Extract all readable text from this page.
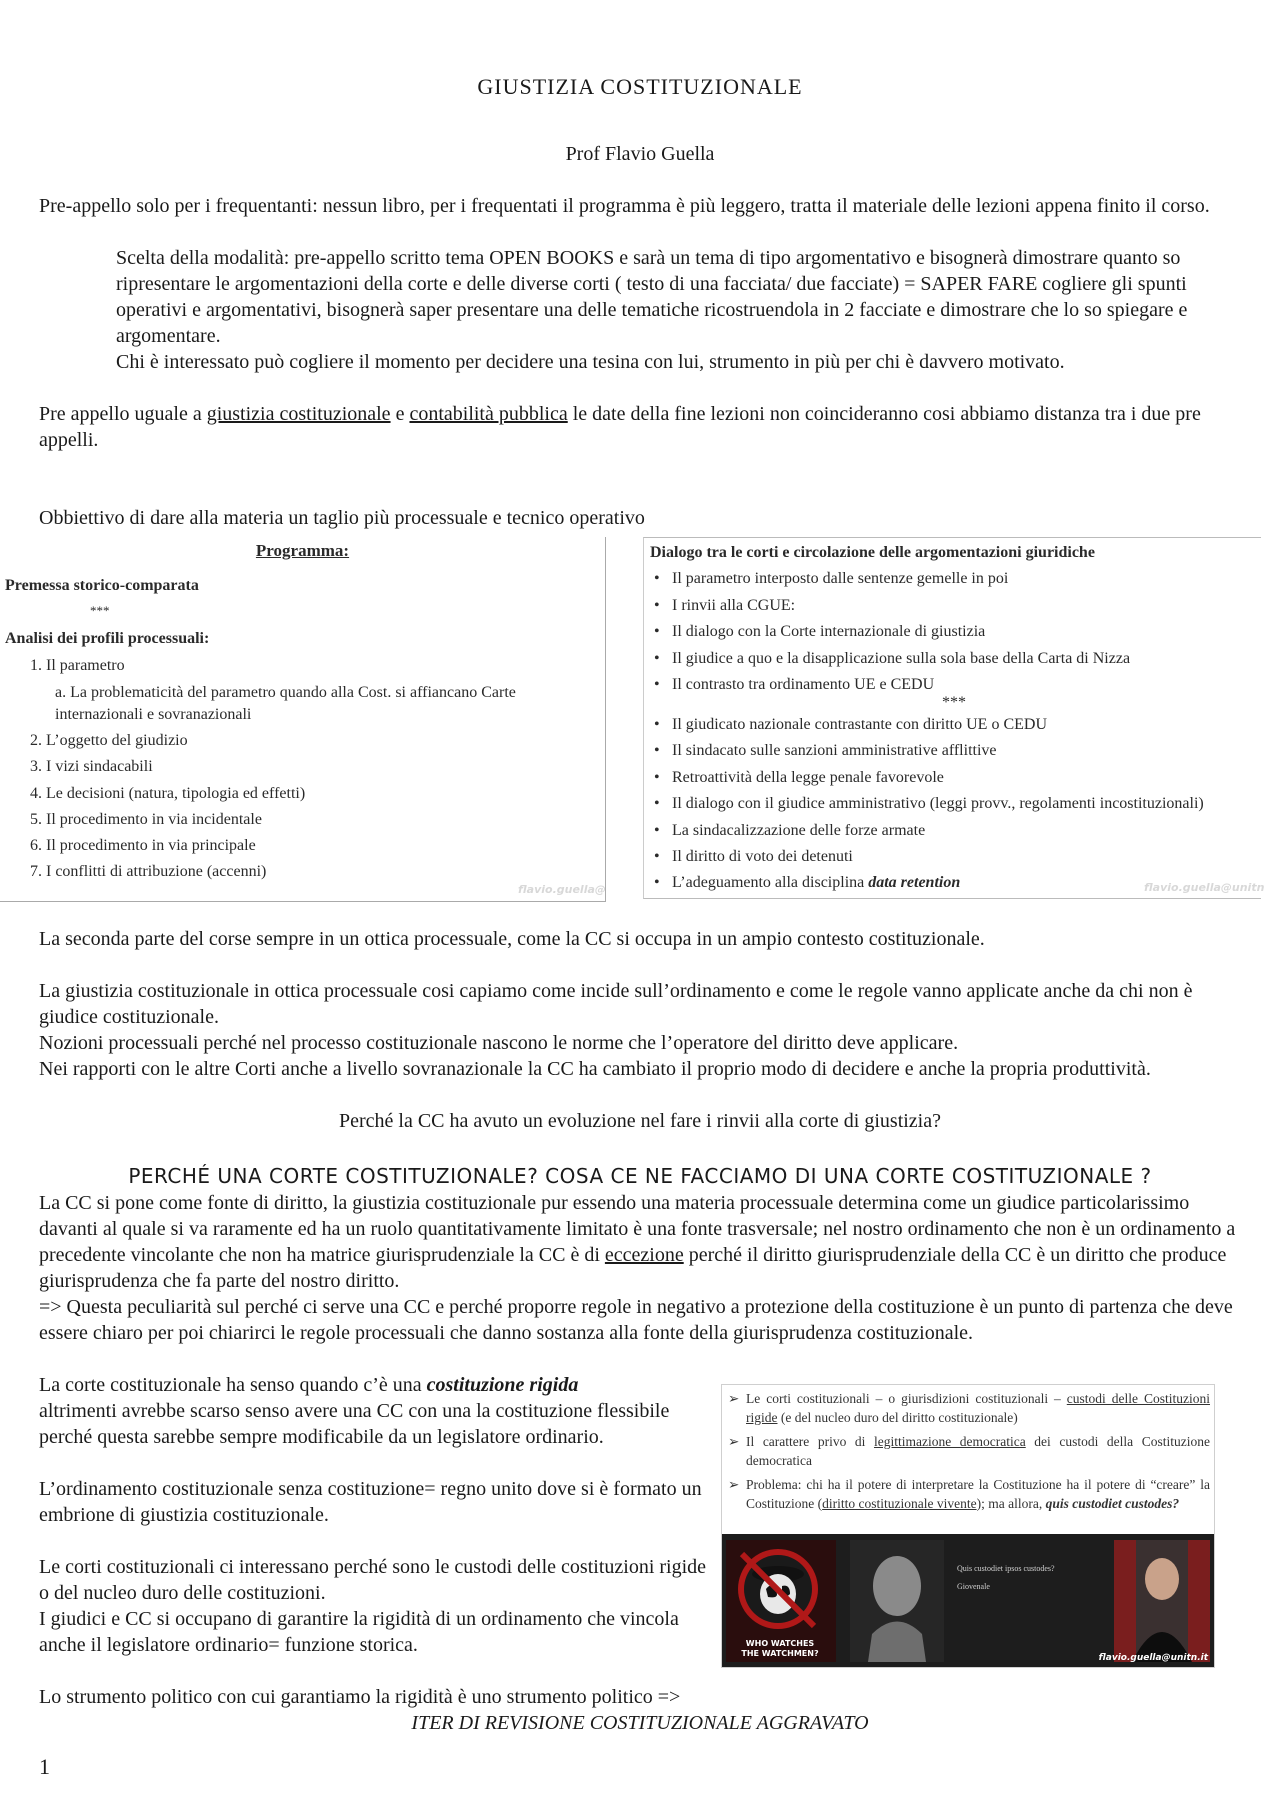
GIUSTIZIA COSTITUZIONALE
Prof Flavio Guella

Pre-appello solo per i frequentanti: nessun libro, per i frequentati il programma è più leggero, tratta il materiale delle lezioni appena finito il corso.

Scelta della modalità: pre-appello scritto tema OPEN BOOKS e sarà un tema di tipo argomentativo e bisognerà dimostrare quanto so ripresentare le argomentazioni della corte e delle diverse corti ( testo di una facciata/ due facciate) = SAPER FARE cogliere gli spunti operativi e argomentativi, bisognerà saper presentare una delle tematiche ricostruendola in 2 facciate e dimostrare che lo so spiegare e argomentare.

Chi è interessato può cogliere il momento per decidere una tesina con lui, strumento in più per chi è davvero motivato.

Pre appello uguale a giustizia costituzionale e contabilità pubblica le date della fine lezioni non coincideranno cosi abbiamo distanza tra i due pre appelli.

Obbiettivo di dare alla materia un taglio più processuale e tecnico operativo

Programma:
Premessa storico-comparata
***
Analisi dei profili processuali:
1. Il parametro
a. La problematicità del parametro quando alla Cost. si affiancano Carte
internazionali e sovranazionali
2. L’oggetto del giudizio
3. I vizi sindacabili
4. Le decisioni (natura, tipologia ed effetti)
5. Il procedimento in via incidentale
6. Il procedimento in via principale
7. I conflitti di attribuzione (accenni)
flavio.guella@
Dialogo tra le corti e circolazione delle argomentazioni giuridiche
• Il parametro interposto dalle sentenze gemelle in poi
• I rinvii alla CGUE:
• Il dialogo con la Corte internazionale di giustizia
• Il giudice a quo e la disapplicazione sulla sola base della Carta di Nizza
• Il contrasto tra ordinamento UE e CEDU
***
• Il giudicato nazionale contrastante con diritto UE o CEDU
• Il sindacato sulle sanzioni amministrative afflittive
• Retroattività della legge penale favorevole
• Il dialogo con il giudice amministrativo (leggi provv., regolamenti incostituzionali)
• La sindacalizzazione delle forze armate
• Il diritto di voto dei detenuti
• L’adeguamento alla disciplina data retention	flavio.guella@unitn

La seconda parte del corse sempre in un ottica processuale, come la CC si occupa in un ampio contesto costituzionale.

La giustizia costituzionale in ottica processuale cosi capiamo come incide sull’ordinamento e come le regole vanno applicate anche da chi non è giudice costituzionale.

Nozioni processuali perché nel processo costituzionale nascono le norme che l’operatore del diritto deve applicare.

Nei rapporti con le altre Corti anche a livello sovranazionale la CC ha cambiato il proprio modo di decidere e anche la propria produttività.

Perché la CC ha avuto un evoluzione nel fare i rinvii alla corte di giustizia?

PERCHÉ UNA CORTE COSTITUZIONALE? COSA CE NE FACCIAMO DI UNA CORTE COSTITUZIONALE ?

La CC si pone come fonte di diritto, la giustizia costituzionale pur essendo una materia processuale determina come un giudice particolarissimo davanti al quale si va raramente ed ha un ruolo quantitativamente limitato è una fonte trasversale; nel nostro ordinamento che non è un ordinamento a precedente vincolante che non ha matrice giurisprudenziale la CC è di eccezione perché il diritto giurisprudenziale della CC è un diritto che produce giurisprudenza che fa parte del nostro diritto.

=> Questa peculiarità sul perché ci serve una CC e perché proporre regole in negativo a protezione della costituzione è un punto di partenza che deve essere chiaro per poi chiarirci le regole processuali che danno sostanza alla fonte della giurisprudenza costituzionale.

La corte costituzionale ha senso quando c’è una costituzione rigida
altrimenti avrebbe scarso senso avere una CC con una la costituzione flessibile perché questa sarebbe sempre modificabile da un legislatore ordinario.

L’ordinamento costituzionale senza costituzione= regno unito dove si è formato un embrione di giustizia costituzionale.

Le corti costituzionali ci interessano perché sono le custodi delle costituzioni rigide o del nucleo duro delle costituzioni.

I giudici e CC si occupano di garantire la rigidità di un ordinamento che vincola anche il legislatore ordinario= funzione storica.

Lo strumento politico con cui garantiamo la rigidità è uno strumento politico =>

ITER DI REVISIONE COSTITUZIONALE AGGRAVATO

➢ Le corti costituzionali – o giurisdizioni costituzionali – custodi delle Costituzioni rigide (e del nucleo duro del diritto costituzionale)
➢ Il carattere privo di legittimazione democratica dei custodi della Costituzione democratica
➢ Problema: chi ha il potere di interpretare la Costituzione ha il potere di “creare” la Costituzione (diritto costituzionale vivente); ma allora, quis custodiet custodes?
Quis custodiet ipsos custodes?
Giovenale
WHO WATCHES THE WATCHMEN?	flavio.guella@unitn.it
1
